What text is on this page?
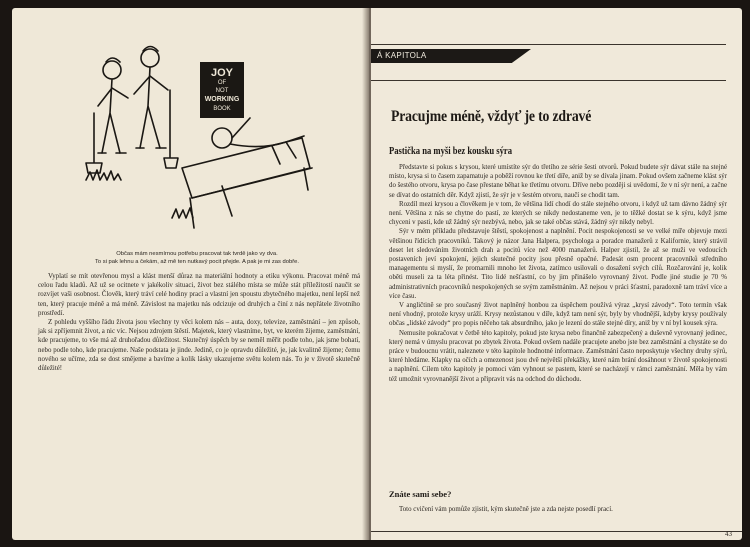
JOY
OF
NOT
WORKING
BOOK
Občas mám nesmírnou potřebu pracovat tak tvrdě jako vy dva.
To si pak lehnu a čekám, až mě ten nutkavý pocit přejde. A pak je mi zas dobře.

Vyplatí se mít otevřenou mysl a klást menší důraz na materiální hodnoty a etiku výkonu. Pracovat méně má celou řadu kladů. Až už se ocitnete v jakékoliv situaci, život bez stálého místa se může stát příležitostí naučit se rozvíjet vaši osobnost. Člověk, který tráví celé hodiny prací a vlastní jen spoustu zbytečného majetku, není lepší než ten, který pracuje méně a má méně. Závislost na majetku nás odcizuje od druhých a činí z nás nepřátele životního prostředí.

Z pohledu vyššího řádu života jsou všechny ty věci kolem nás – auta, doxy, televize, zaměstnání – jen způsob, jak si zpříjemnit život, a nic víc. Nejsou zdrojem štěstí. Majetek, který vlastníme, byt, ve kterém žijeme, zaměstnání, kde pracujeme, to vše má až druhořadou důležitost. Skutečný úspěch by se neměl měřit podle toho, jak jsme bohatí, nebo podle toho, kde pracujeme. Naše podstata je jinde. Jedině, co je opravdu důležité, je, jak kvalitně žijeme; čemu nového se učíme, zda se dost smějeme a bavíme a kolik lásky ukazujeme světu kolem nás. To je v životě skutečně důležité!

Á KAPITOLA
Pracujme méně, vždyť je to zdravé
Pastička na myši bez kousku sýra

Představte si pokus s krysou, které umístíte sýr do třetího ze série šesti otvorů. Pokud budete sýr dávat stále na stejné místo, krysa si to časem zapamatuje a poběží rovnou ke třetí díře, aniž by se dívala jinam. Pokud ovšem začneme klást sýr do šestého otvoru, krysa po čase přestane běhat ke třetímu otvoru. Dříve nebo později si uvědomí, že v ní sýr není, a začne se dívat do ostatních děr. Když zjistí, že sýr je v šestém otvoru, naučí se chodit tam.

Rozdíl mezi krysou a člověkem je v tom, že většina lidí chodí do stále stejného otvoru, i když už tam dávno žádný sýr není. Většina z nás se chytne do pastí, ze kterých se nikdy nedostaneme ven, je to těžké dostat se k sýru, když jsme chyceni v pasti, kde už žádný sýr nezbývá, nebo, jak se také občas stává, žádný sýr nikdy nebyl.

Sýr v mém příkladu představuje štěstí, spokojenost a naplnění. Pocit nespokojenosti se ve velké míře objevuje mezi většinou řídících pracovníků. Takový je názor Jana Halpera, psychologa a poradce manažerů z Kalifornie, který strávil deset let sledováním životních drah a pocitů více než 4000 manažerů. Halper zjistil, že až se muži ve vedoucích postaveních jeví spokojení, jejich skutečné pocity jsou přesně opačné. Padesát osm procent pracovníků středního managementu si myslí, že promarnili mnoho let života, zatímco usilovali o dosažení svých cílů. Rozčarování je, kolik oběti museli za ta léta přinést. Tito lidé nešťastní, co by jim přinášelo vyrovnaný život. Podle jiné studie je 70 % administrativních pracovníků nespokojených se svým zaměstnáním. Až nejsou v práci šťastní, paradoxně tam tráví více a více času.

V angličtině se pro současný život naplněný honbou za úspěchem používá výraz „krysí závody“. Toto termín však není vhodný, protože krysy uráží. Krysy nezůstanou v díře, když tam není sýr, byly by vhodnější, kdyby krysy používaly občas „lidské závody“ pro popis něčeho tak absurdního, jako je lezení do stále stejné díry, aniž by v ní byl kousek sýra.

Nemusíte pokračovat v četbě této kapitoly, pokud jste krysa nebo finančně zabezpečený a duševně vyrovnaný jedinec, který nemá v úmyslu pracovat po zbytek života. Pokud ovšem nadále pracujete anebo jste bez zaměstnání a chystáte se do práce v budoucnu vrátit, naleznete v této kapitole hodnotné informace. Zaměstnání často neposkytuje všechny druhy sýrů, které hledáme. Klapky na očích a omezenost jsou dvě největší překážky, které nám brání dosáhnout v životě spokojenosti a naplnění. Cílem této kapitoly je pomoci vám vyhnout se pastem, které se nacházejí v rámci zaměstnání. Měla by vám též umožnit vyrovnanější život a připravit vás na odchod do důchodu.

Znáte sami sebe?

Toto cvičení vám pomůže zjistit, kým skutečně jste a zda nejste posedlí prací.

43
